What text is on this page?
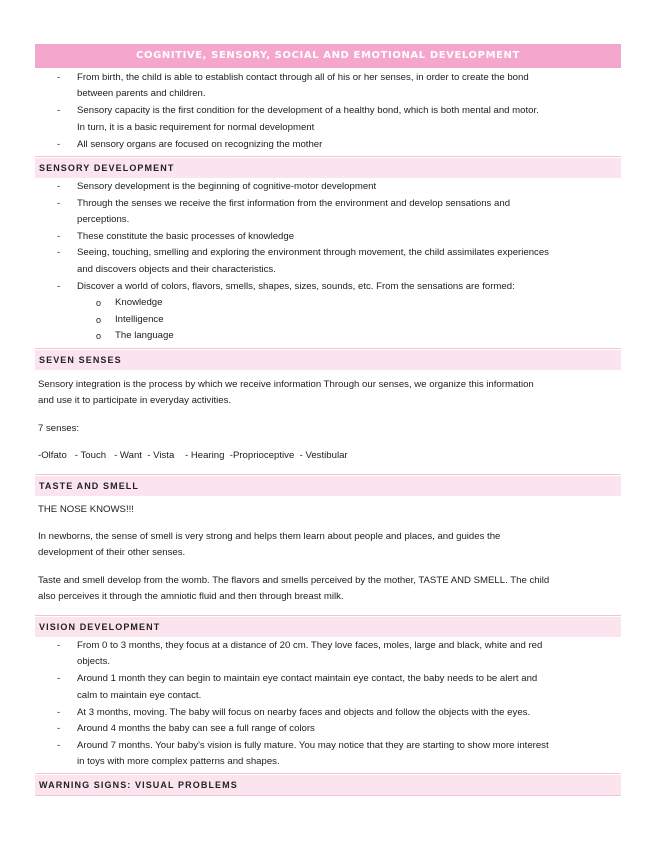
COGNITIVE, SENSORY, SOCIAL AND EMOTIONAL DEVELOPMENT
- From birth, the child is able to establish contact through all of his or her senses, in order to create the bond
between parents and children.
- Sensory capacity is the first condition for the development of a healthy bond, which is both mental and motor.
In turn, it is a basic requirement for normal development
- All sensory organs are focused on recognizing the mother
SENSORY DEVELOPMENT
- Sensory development is the beginning of cognitive-motor development
- Through the senses we receive the first information from the environment and develop sensations and
perceptions.
- These constitute the basic processes of knowledge
- Seeing, touching, smelling and exploring the environment through movement, the child assimilates experiences
and discovers objects and their characteristics.
- Discover a world of colors, flavors, smells, shapes, sizes, sounds, etc. From the sensations are formed:
o Knowledge
o Intelligence
o The language
SEVEN SENSES
Sensory integration is the process by which we receive information Through our senses, we organize this information
and use it to participate in everyday activities.
7 senses:
-Olfato   - Touch   - Want  - Vista    - Hearing  -Proprioceptive  - Vestibular
TASTE AND SMELL
THE NOSE KNOWS!!!
In newborns, the sense of smell is very strong and helps them learn about people and places, and guides the
development of their other senses.
Taste and smell develop from the womb. The flavors and smells perceived by the mother, TASTE AND SMELL. The child
also perceives it through the amniotic fluid and then through breast milk.
VISION DEVELOPMENT
- From 0 to 3 months, they focus at a distance of 20 cm. They love faces, moles, large and black, white and red
objects.
- Around 1 month they can begin to maintain eye contact maintain eye contact, the baby needs to be alert and
calm to maintain eye contact.
- At 3 months, moving. The baby will focus on nearby faces and objects and follow the objects with the eyes.
- Around 4 months the baby can see a full range of colors
- Around 7 months. Your baby's vision is fully mature. You may notice that they are starting to show more interest
in toys with more complex patterns and shapes.
WARNING SIGNS: VISUAL PROBLEMS
